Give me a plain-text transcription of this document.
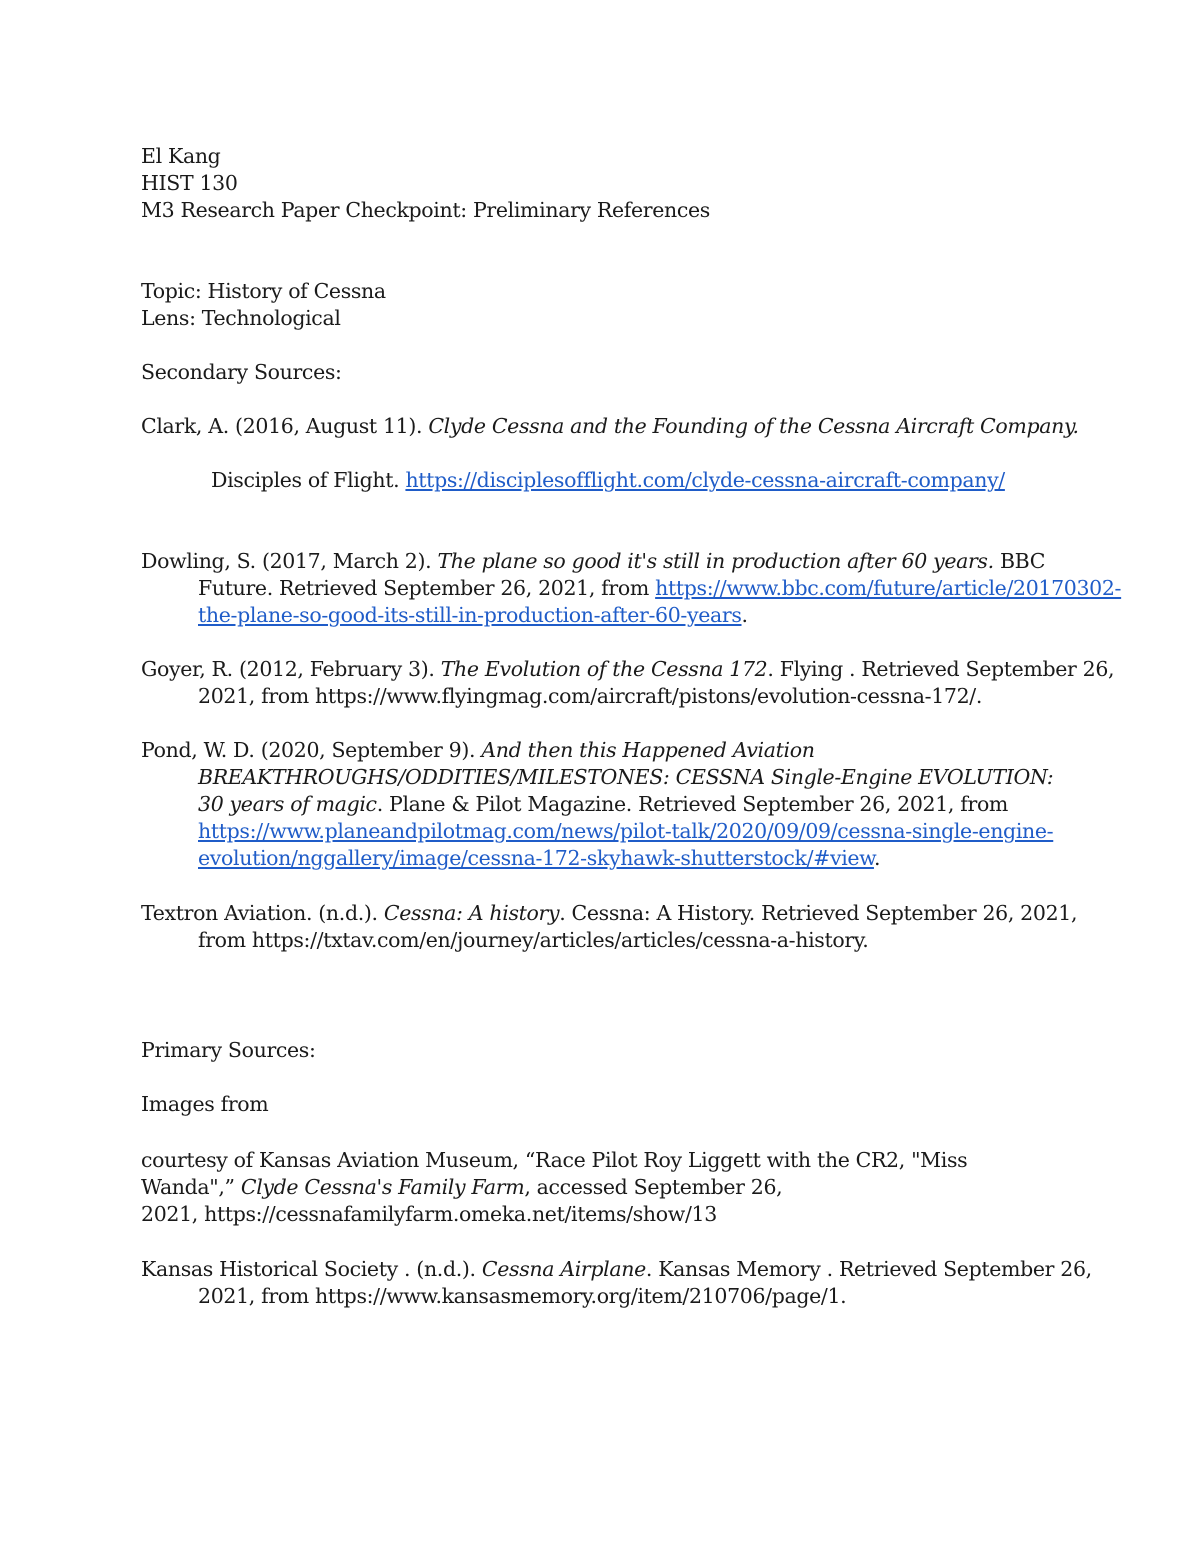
El Kang
HIST 130
M3 Research Paper Checkpoint: Preliminary References
Topic: History of Cessna
Lens: Technological
Secondary Sources:
Clark, A. (2016, August 11). Clyde Cessna and the Founding of the Cessna Aircraft Company.
Disciples of Flight. https://disciplesofflight.com/clyde-cessna-aircraft-company/
Dowling, S. (2017, March 2). The plane so good it's still in production after 60 years. BBC
Future. Retrieved September 26, 2021, from https://www.bbc.com/future/article/20170302-
the-plane-so-good-its-still-in-production-after-60-years.
Goyer, R. (2012, February 3). The Evolution of the Cessna 172. Flying . Retrieved September 26,
2021, from https://www.flyingmag.com/aircraft/pistons/evolution-cessna-172/.
Pond, W. D. (2020, September 9). And then this Happened Aviation
BREAKTHROUGHS/ODDITIES/MILESTONES: CESSNA Single-Engine EVOLUTION:
30 years of magic. Plane & Pilot Magazine. Retrieved September 26, 2021, from
https://www.planeandpilotmag.com/news/pilot-talk/2020/09/09/cessna-single-engine-
evolution/nggallery/image/cessna-172-skyhawk-shutterstock/#view.
Textron Aviation. (n.d.). Cessna: A history. Cessna: A History. Retrieved September 26, 2021,
from https://txtav.com/en/journey/articles/articles/cessna-a-history.
Primary Sources:
Images from
courtesy of Kansas Aviation Museum, “Race Pilot Roy Liggett with the CR2, "Miss
Wanda",” Clyde Cessna's Family Farm, accessed September 26,
2021, https://cessnafamilyfarm.omeka.net/items/show/13
Kansas Historical Society . (n.d.). Cessna Airplane. Kansas Memory . Retrieved September 26,
2021, from https://www.kansasmemory.org/item/210706/page/1.
